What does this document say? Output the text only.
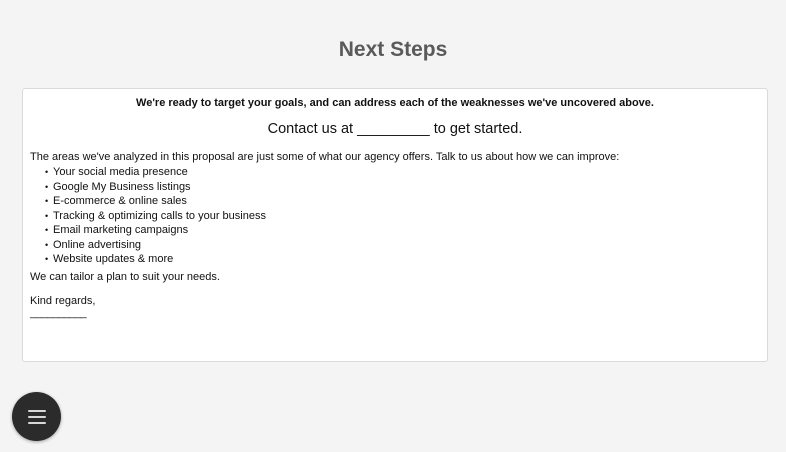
Next Steps

We're ready to target your goals, and can address each of the weaknesses we've uncovered above.

Contact us at _________ to get started.

The areas we've analyzed in this proposal are just some of what our agency offers. Talk to us about how we can improve:

• Your social media presence
• Google My Business listings
• E-commerce & online sales
• Tracking & optimizing calls to your business
• Email marketing campaigns
• Online advertising
• Website updates & more

We can tailor a plan to suit your needs.

Kind regards,

__________
